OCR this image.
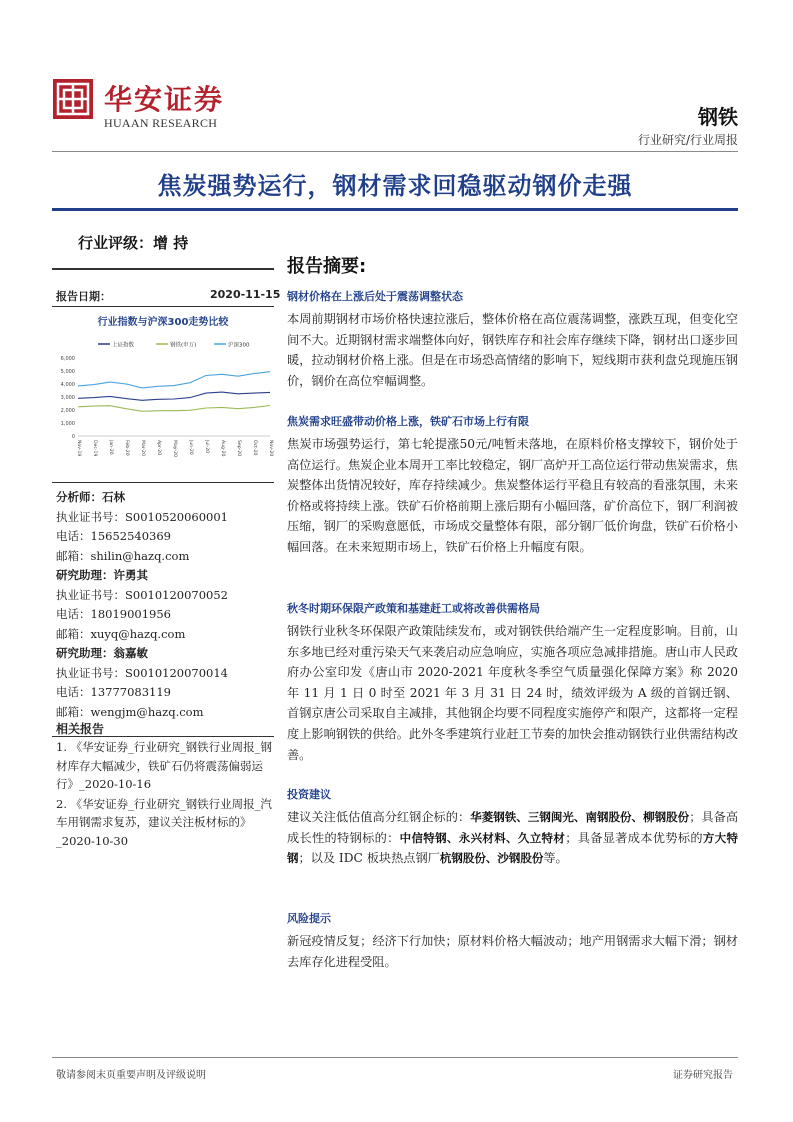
华安证券
HUAAN RESEARCH	钢铁
行业研究/行业周报
焦炭强势运行，钢材需求回稳驱动钢价走强
行业评级：增 持
报告日期：	2020-11-15
行业指数与沪深300走势比较
上证指数	钢铁(申万)	沪深300
0
1,000
2,000
3,000
4,000
5,000
6,000
Nov-19 Dec-19 Jan-20 Feb-20 Mar-20 Apr-20 May-20 Jun-20 Jul-20 Aug-20 Sep-20 Oct-20 Nov-20
分析师：石林
执业证书号：S0010520060001
电话：15652540369
邮箱：shilin@hazq.com
研究助理：许勇其
执业证书号：S0010120070052
电话：18019001956
邮箱：xuyq@hazq.com
研究助理：翁嘉敏
执业证书号：S0010120070014
电话：13777083119
邮箱：wengjm@hazq.com
相关报告
1. 《华安证券_行业研究_钢铁行业周报_钢材库存大幅减少，铁矿石仍将震荡偏弱运行》_2020-10-16
2. 《华安证券_行业研究_钢铁行业周报_汽车用钢需求复苏，建议关注板材标的》_2020-10-30
报告摘要:
钢材价格在上涨后处于震荡调整状态
本周前期钢材市场价格快速拉涨后，整体价格在高位震荡调整，涨跌互现，但变化空间不大。近期钢材需求端整体向好，钢铁库存和社会库存继续下降，钢材出口逐步回暖，拉动钢材价格上涨。但是在市场恐高情绪的影响下，短线期市获利盘兑现施压钢价，钢价在高位窄幅调整。
焦炭需求旺盛带动价格上涨，铁矿石市场上行有限
焦炭市场强势运行，第七轮提涨50元/吨暂未落地，在原料价格支撑较下，钢价处于高位运行。焦炭企业本周开工率比较稳定，钢厂高炉开工高位运行带动焦炭需求，焦炭整体出货情况较好，库存持续减少。焦炭整体运行平稳且有较高的看涨氛围，未来价格或将持续上涨。铁矿石价格前期上涨后期有小幅回落，矿价高位下，钢厂利润被压缩，钢厂的采购意愿低，市场成交量整体有限，部分钢厂低价询盘，铁矿石价格小幅回落。在未来短期市场上，铁矿石价格上升幅度有限。
秋冬时期环保限产政策和基建赶工或将改善供需格局
钢铁行业秋冬环保限产政策陆续发布，或对钢铁供给端产生一定程度影响。目前，山东多地已经对重污染天气来袭启动应急响应，实施各项应急减排措施。唐山市人民政府办公室印发《唐山市 2020-2021 年度秋冬季空气质量强化保障方案》称 2020 年 11 月 1 日 0 时至 2021 年 3 月 31 日 24 时，绩效评级为 A 级的首钢迁钢、首钢京唐公司采取自主减排，其他钢企均要不同程度实施停产和限产，这都将一定程度上影响钢铁的供给。此外冬季建筑行业赶工节奏的加快会推动钢铁行业供需结构改善。
投资建议
建议关注低估值高分红钢企标的：华菱钢铁、三钢闽光、南钢股份、柳钢股份；具备高成长性的特钢标的：中信特钢、永兴材料、久立特材；具备显著成本优势标的方大特钢；以及 IDC 板块热点钢厂杭钢股份、沙钢股份等。
风险提示
新冠疫情反复；经济下行加快；原材料价格大幅波动；地产用钢需求大幅下滑；钢材去库存化进程受阻。
敬请参阅末页重要声明及评级说明	证券研究报告
